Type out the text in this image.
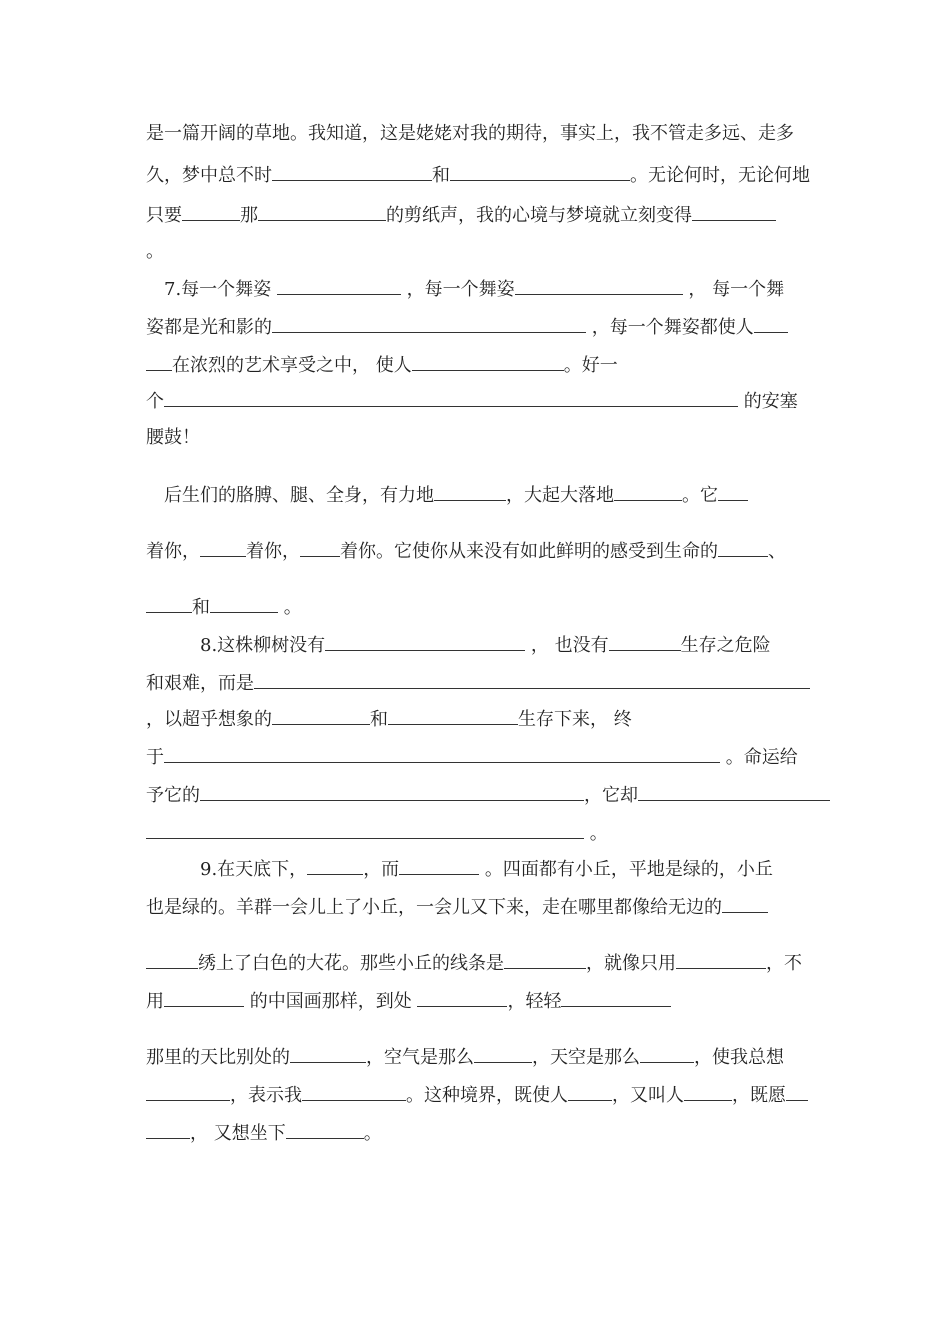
是一篇开阔的草地。我知道，这是姥姥对我的期待，事实上，我不管走多远、走多
久，梦中总不时	和	。无论何时，无论何地
只要	那	的剪纸声，我的心境与梦境就立刻变得
。
　7.每一个舞姿	，每一个舞姿	， 每一个舞
姿都是光和影的	，每一个舞姿都使人
在浓烈的艺术享受之中， 使人	。好一
个	的安塞
腰鼓！
　后生们的胳膊、腿、全身，有力地	，大起大落地	。它
着你，	着你， 着你。它使你从来没有如此鲜明的感受到生命的	、
和	。
　　　8.这株柳树没有	， 也没有	生存之危险
和艰难，而是
，以超乎想象的	和	生存下来， 终
于	。命运给
予它的	，它却
。
　　　9.在天底下，	，而	。四面都有小丘，平地是绿的，小丘
也是绿的。羊群一会儿上了小丘，一会儿又下来，走在哪里都像给无边的
绣上了白色的大花。那些小丘的线条是	，就像只用	，不
用	的中国画那样，到处	，轻轻
那里的天比别处的	，空气是那么	，天空是那么	，使我总想
，表示我	。这种境界，既使人 ，又叫人	，既愿
， 又想坐下	。
